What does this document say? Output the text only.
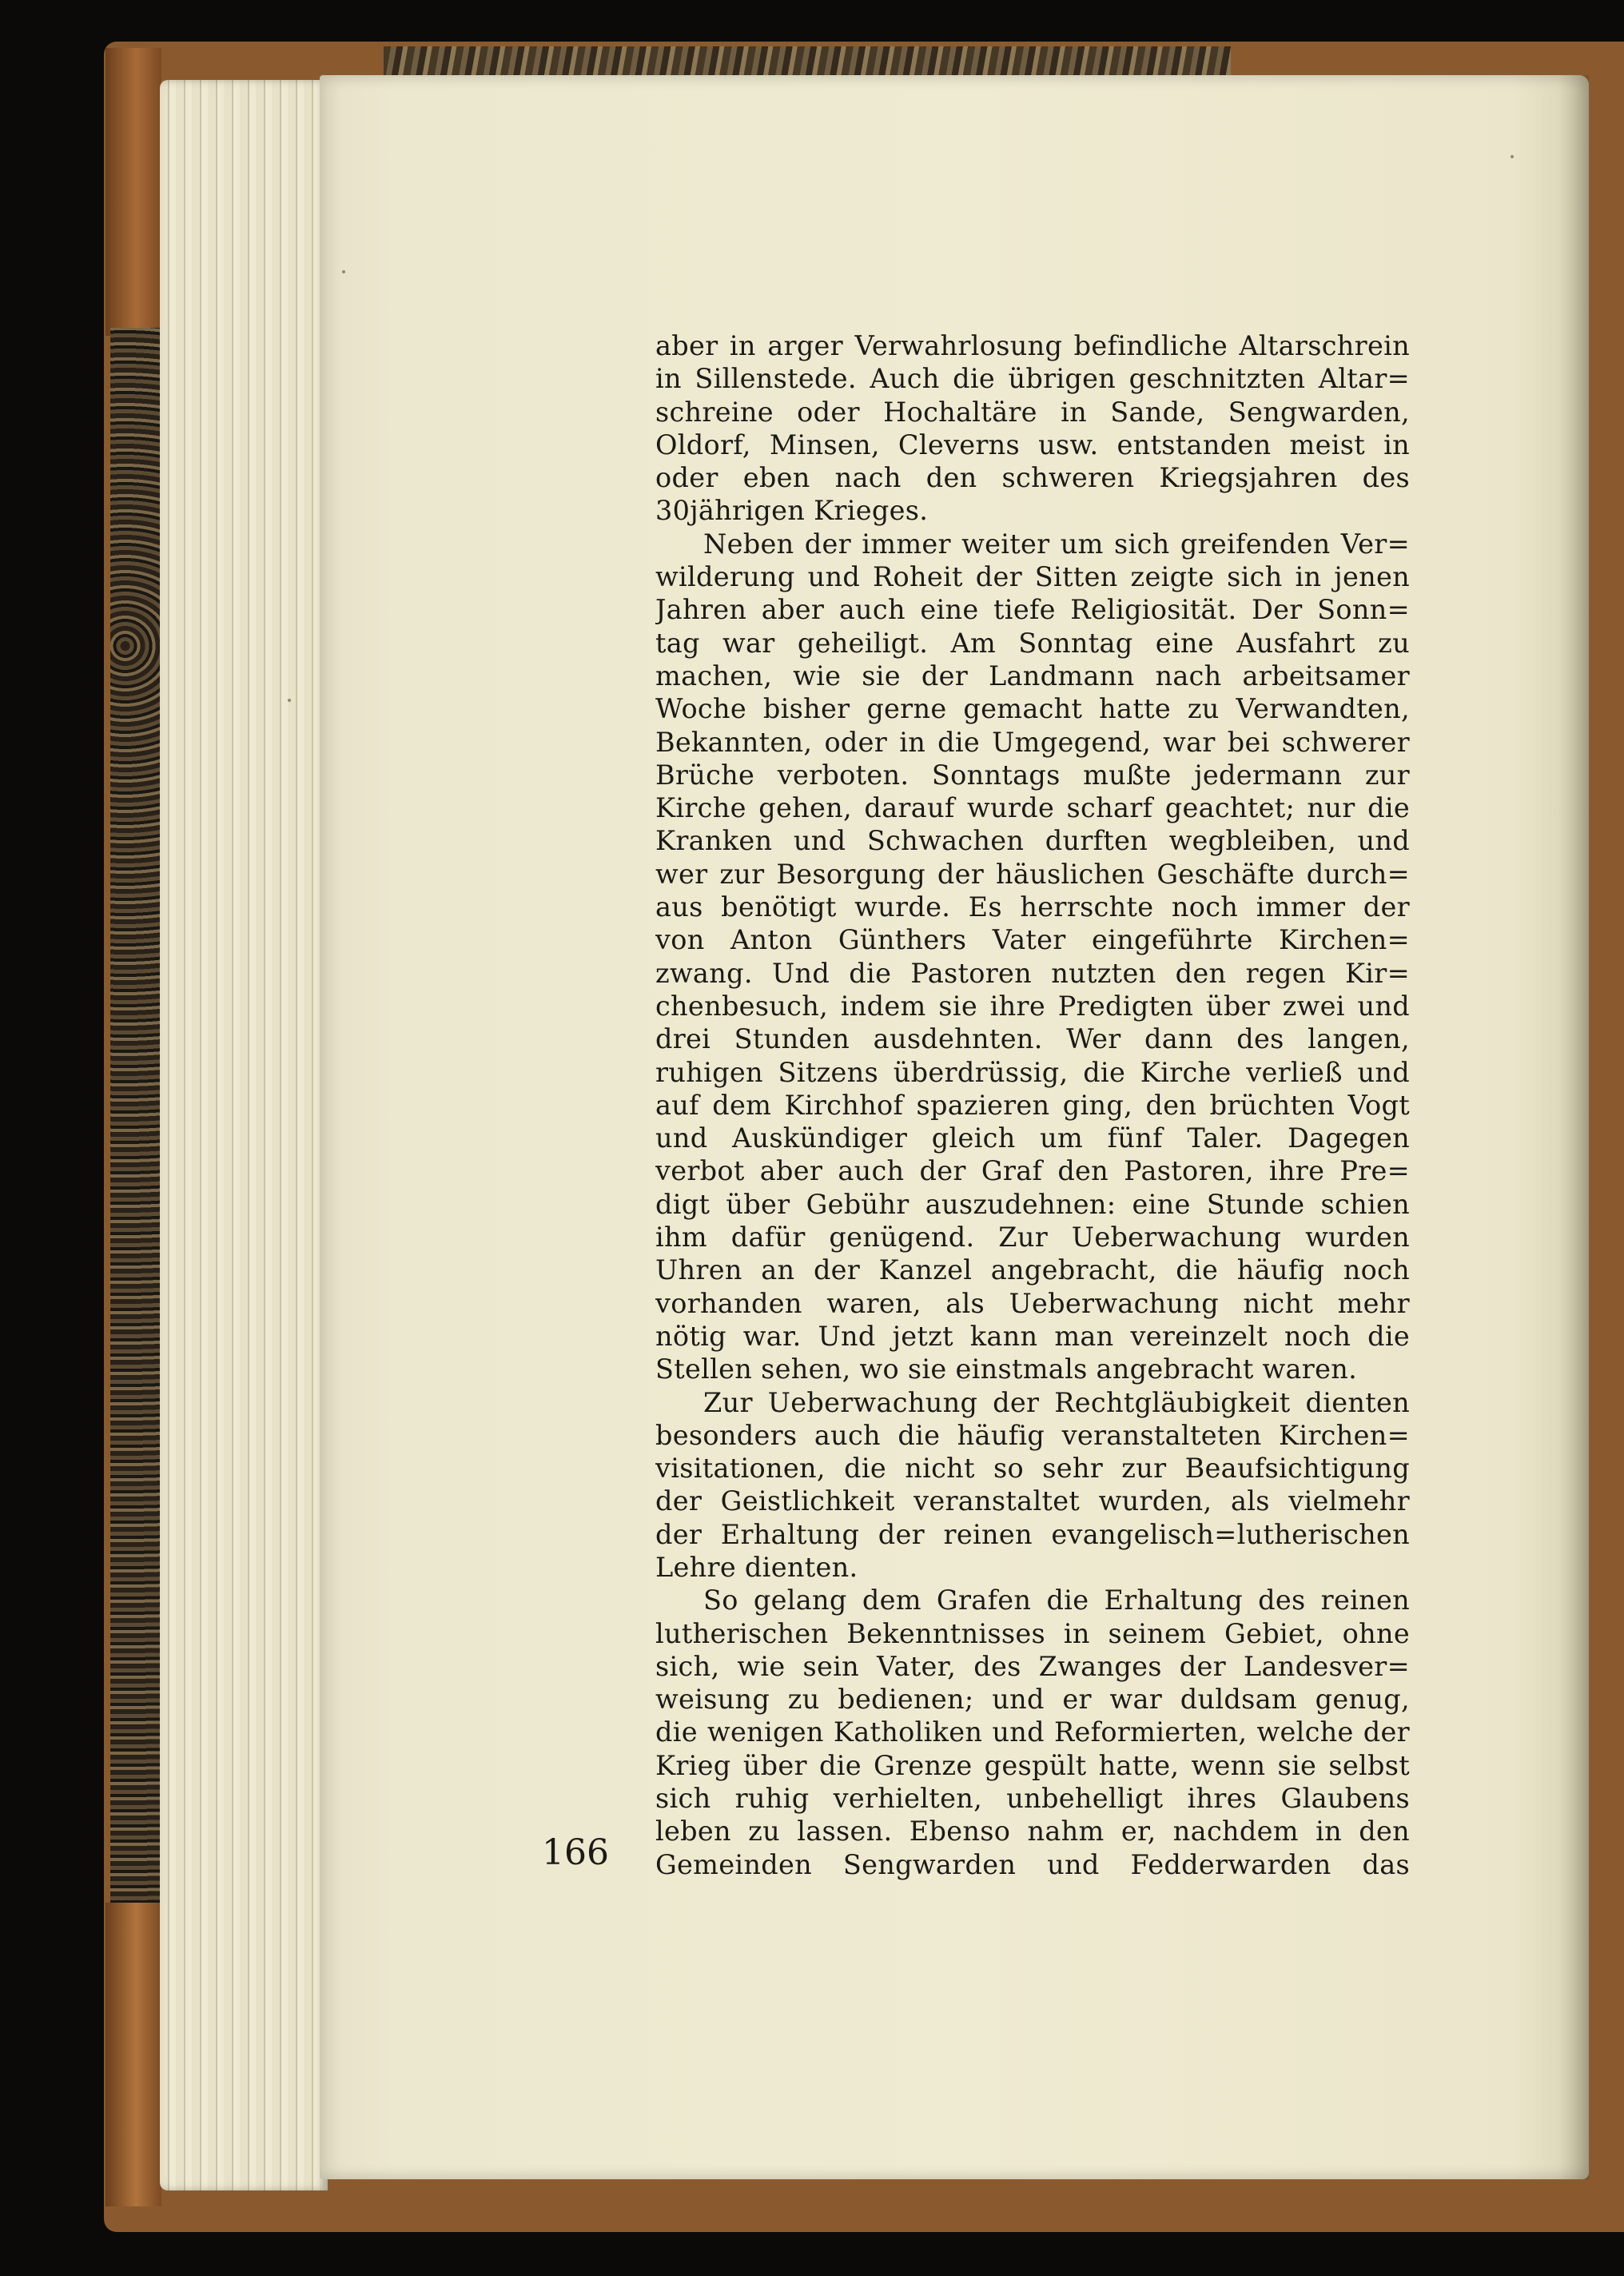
aber in arger Verwahrlosung befindliche Altarschrein
in Sillenstede. Auch die übrigen geschnitzten Altar=
schreine oder Hochaltäre in Sande, Sengwarden,
Oldorf, Minsen, Cleverns usw. entstanden meist in
oder eben nach den schweren Kriegsjahren des
30jährigen Krieges.
Neben der immer weiter um sich greifenden Ver=
wilderung und Roheit der Sitten zeigte sich in jenen
Jahren aber auch eine tiefe Religiosität. Der Sonn=
tag war geheiligt. Am Sonntag eine Ausfahrt zu
machen, wie sie der Landmann nach arbeitsamer
Woche bisher gerne gemacht hatte zu Verwandten,
Bekannten, oder in die Umgegend, war bei schwerer
Brüche verboten. Sonntags mußte jedermann zur
Kirche gehen, darauf wurde scharf geachtet; nur die
Kranken und Schwachen durften wegbleiben, und
wer zur Besorgung der häuslichen Geschäfte durch=
aus benötigt wurde. Es herrschte noch immer der
von Anton Günthers Vater eingeführte Kirchen=
zwang. Und die Pastoren nutzten den regen Kir=
chenbesuch, indem sie ihre Predigten über zwei und
drei Stunden ausdehnten. Wer dann des langen,
ruhigen Sitzens überdrüssig, die Kirche verließ und
auf dem Kirchhof spazieren ging, den brüchten Vogt
und Auskündiger gleich um fünf Taler. Dagegen
verbot aber auch der Graf den Pastoren, ihre Pre=
digt über Gebühr auszudehnen: eine Stunde schien
ihm dafür genügend. Zur Ueberwachung wurden
Uhren an der Kanzel angebracht, die häufig noch
vorhanden waren, als Ueberwachung nicht mehr
nötig war. Und jetzt kann man vereinzelt noch die
Stellen sehen, wo sie einstmals angebracht waren.
Zur Ueberwachung der Rechtgläubigkeit dienten
besonders auch die häufig veranstalteten Kirchen=
visitationen, die nicht so sehr zur Beaufsichtigung
der Geistlichkeit veranstaltet wurden, als vielmehr
der Erhaltung der reinen evangelisch=lutherischen
Lehre dienten.
So gelang dem Grafen die Erhaltung des reinen
lutherischen Bekenntnisses in seinem Gebiet, ohne
sich, wie sein Vater, des Zwanges der Landesver=
weisung zu bedienen; und er war duldsam genug,
die wenigen Katholiken und Reformierten, welche der
Krieg über die Grenze gespült hatte, wenn sie selbst
sich ruhig verhielten, unbehelligt ihres Glaubens
leben zu lassen. Ebenso nahm er, nachdem in den
Gemeinden Sengwarden und Fedderwarden das
166
